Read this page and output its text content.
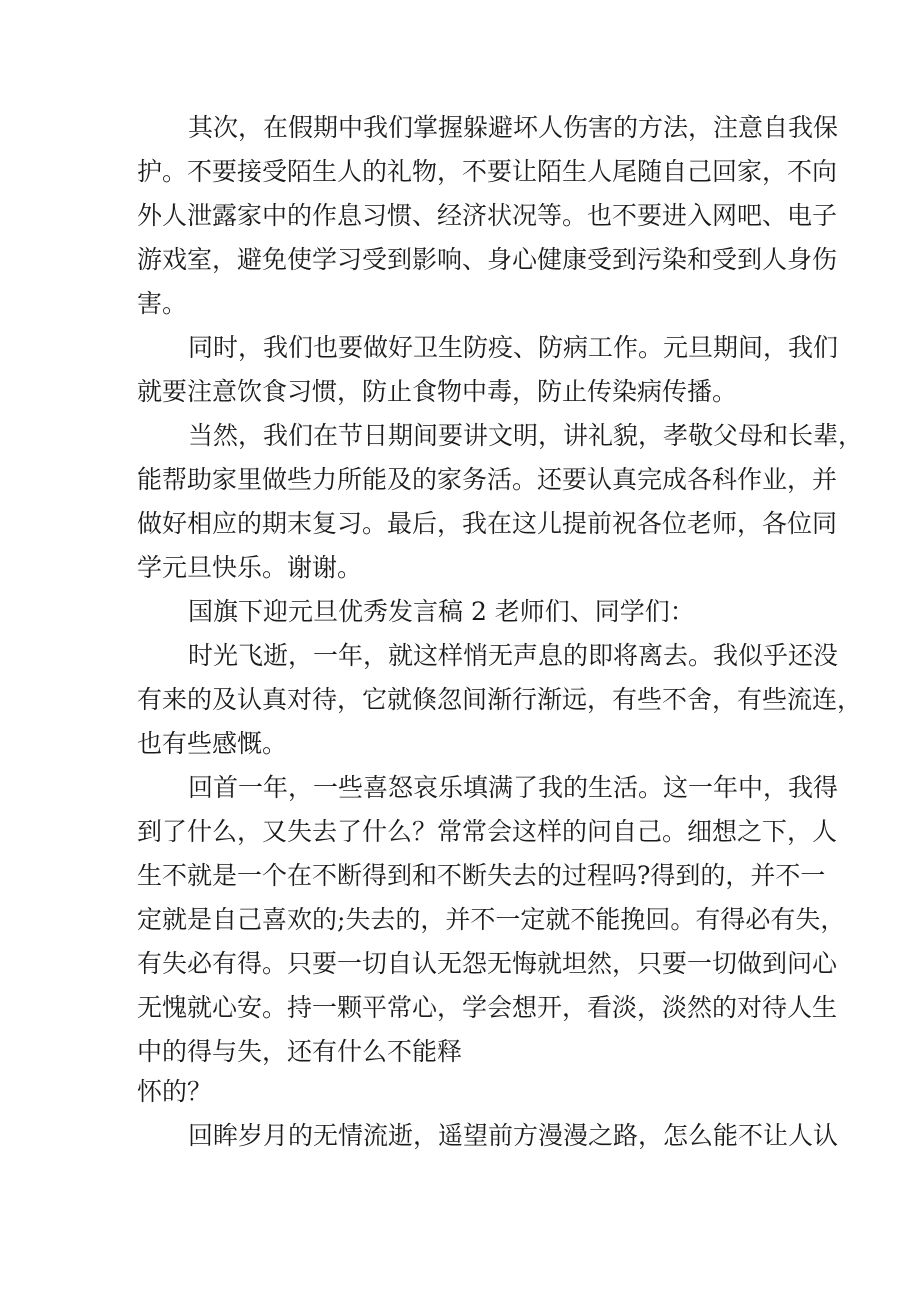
其次，在假期中我们掌握躲避坏人伤害的方法，注意自我保
护。不要接受陌生人的礼物，不要让陌生人尾随自己回家，不向
外人泄露家中的作息习惯、经济状况等。也不要进入网吧、电子
游戏室，避免使学习受到影响、身心健康受到污染和受到人身伤
害。
同时，我们也要做好卫生防疫、防病工作。元旦期间，我们
就要注意饮食习惯，防止食物中毒，防止传染病传播。
当然，我们在节日期间要讲文明，讲礼貌，孝敬父母和长辈，
能帮助家里做些力所能及的家务活。还要认真完成各科作业，并
做好相应的期末复习。最后，我在这儿提前祝各位老师，各位同
学元旦快乐。谢谢。
国旗下迎元旦优秀发言稿 2 老师们、同学们：
时光飞逝，一年，就这样悄无声息的即将离去。我似乎还没
有来的及认真对待，它就倏忽间渐行渐远，有些不舍，有些流连，
也有些感慨。
回首一年，一些喜怒哀乐填满了我的生活。这一年中，我得
到了什么，又失去了什么？常常会这样的问自己。细想之下，人
生不就是一个在不断得到和不断失去的过程吗?得到的，并不一
定就是自己喜欢的;失去的，并不一定就不能挽回。有得必有失，
有失必有得。只要一切自认无怨无悔就坦然，只要一切做到问心
无愧就心安。持一颗平常心，学会想开，看淡，淡然的对待人生
中的得与失，还有什么不能释
怀的？
回眸岁月的无情流逝，遥望前方漫漫之路，怎么能不让人认
